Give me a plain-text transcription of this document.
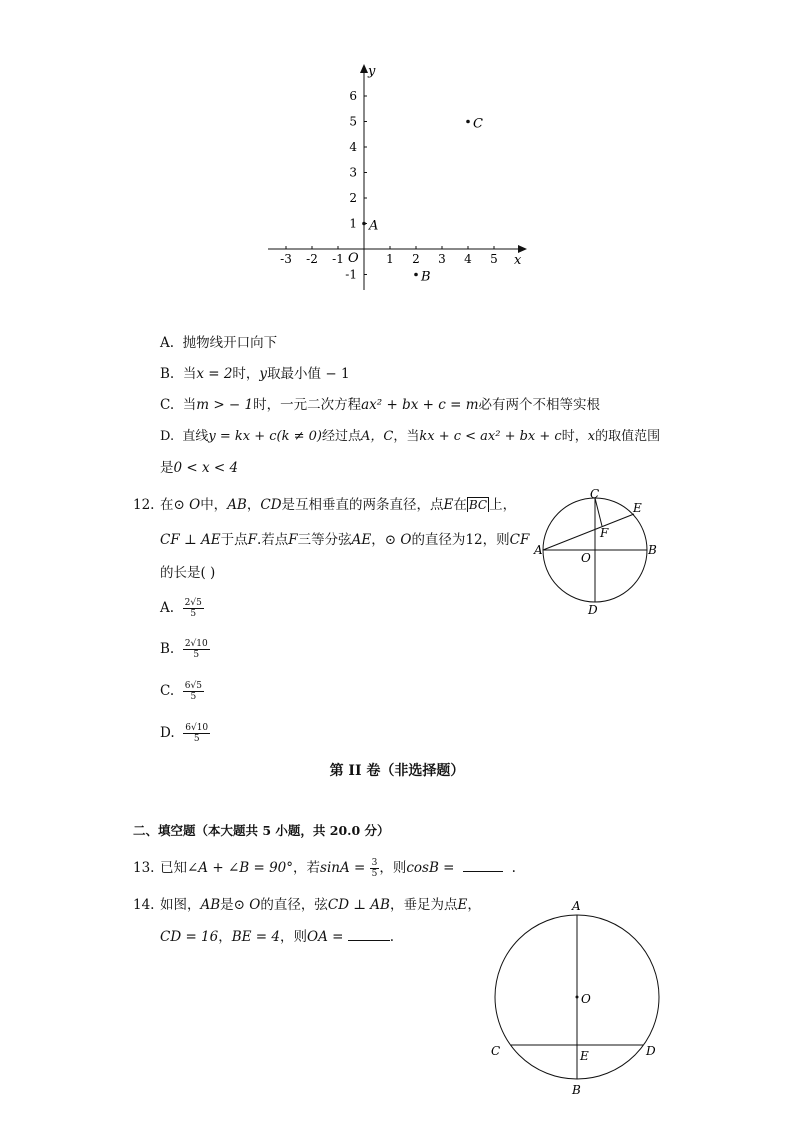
-3 -2 -1	1 2 3 4 5
6
5
4
3
2
1
-1
x
y
O
A
B
C
A. 抛物线开口向下
B. 当x = 2时，y取最小值 − 1
C. 当m > − 1时，一元二次方程ax² + bx + c = m必有两个不相等实根
D. 直线y = kx + c(k ≠ 0)经过点A，C，当kx + c < ax² + bx + c时，x的取值范围
是0 < x < 4
12. 在⊙ O中，AB，CD是互相垂直的两条直径，点E在 BC 上，
CF ⊥ AE于点F.若点F三等分弦AE，⊙ O的直径为12，则CF
的长是( )
A. $\frac{2√5}{5}$
B. $\frac{2√10}{5}$
C. $\frac{6√5}{5}$
D. $\frac{6√10}{5}$
A	B
C
D
E
F
O
第 II 卷（非选择题）
二、填空题（本大题共 5 小题，共 20.0 分）
13. 已知∠A + ∠B = 90°，若$\sin A = \frac{3}{5}$ ，则cosB =	.
14. 如图，AB是⊙ O的直径，弦CD ⊥ AB，垂足为点E，
CD = 16，BE = 4，则OA =	.
A
B
C	D
E
O
